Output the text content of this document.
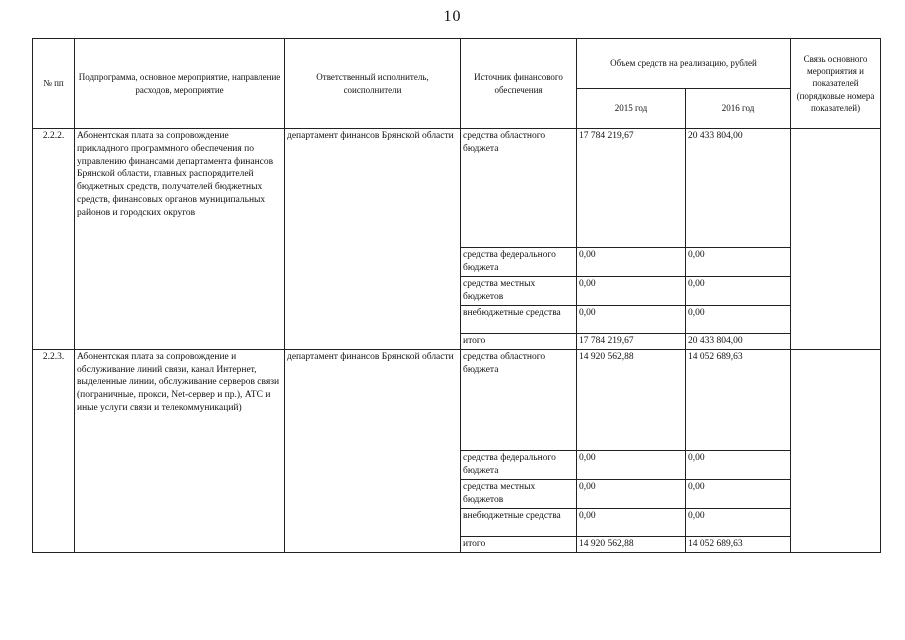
10
№ пп	Подпрограмма, основное мероприятие, направление расходов, мероприятие	Ответственный исполнитель, соисполнители	Источник финансового обеспечения	Объем средств на реализацию, рублей		Связь основного мероприятия и показателей (порядковые номера показателей)
				2015 год	2016 год	
2.2.2.	Абонентская плата за сопровождение прикладного программного обеспечения по управлению финансами департамента финансов Брянской области, главных распорядителей бюджетных средств, получателей бюджетных средств, финансовых органов муниципальных районов и городских округов	департамент финансов Брянской области	средства областного бюджета	17 784 219,67	20 433 804,00	
			средства федерального бюджета	0,00	0,00	
			средства местных бюджетов	0,00	0,00	
			внебюджетные средства	0,00	0,00	
			итого	17 784 219,67	20 433 804,00	
2.2.3.	Абонентская плата за сопровождение и обслуживание линий связи, канал Интернет, выделенные линии, обслуживание серверов связи (пограничные, прокси, Net-сервер и пр.), АТС и иные услуги связи и телекоммуникаций)	департамент финансов Брянской области	средства областного бюджета	14 920 562,88	14 052 689,63	
			средства федерального бюджета	0,00	0,00	
			средства местных бюджетов	0,00	0,00	
			внебюджетные средства	0,00	0,00	
			итого	14 920 562,88	14 052 689,63	
